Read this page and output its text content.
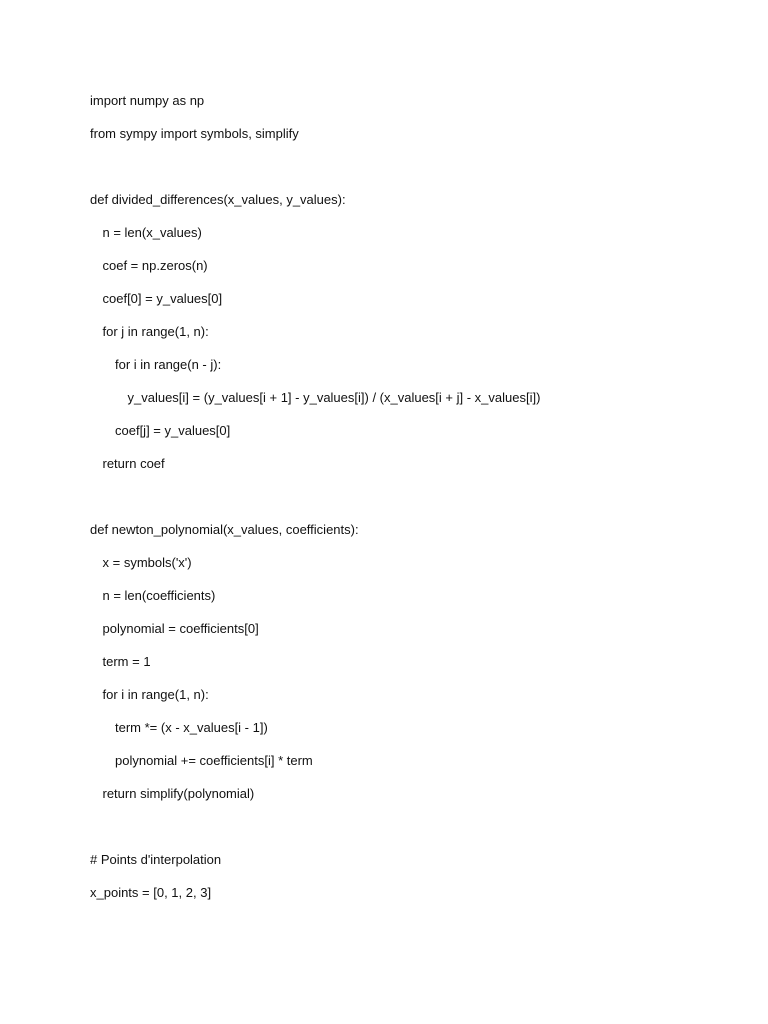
import numpy as np
from sympy import symbols, simplify
def divided_differences(x_values, y_values):
n = len(x_values)
coef = np.zeros(n)
coef[0] = y_values[0]
for j in range(1, n):
for i in range(n - j):
y_values[i] = (y_values[i + 1] - y_values[i]) / (x_values[i + j] - x_values[i])
coef[j] = y_values[0]
return coef
def newton_polynomial(x_values, coefficients):
x = symbols('x')
n = len(coefficients)
polynomial = coefficients[0]
term = 1
for i in range(1, n):
term *= (x - x_values[i - 1])
polynomial += coefficients[i] * term
return simplify(polynomial)
# Points d'interpolation
x_points = [0, 1, 2, 3]
